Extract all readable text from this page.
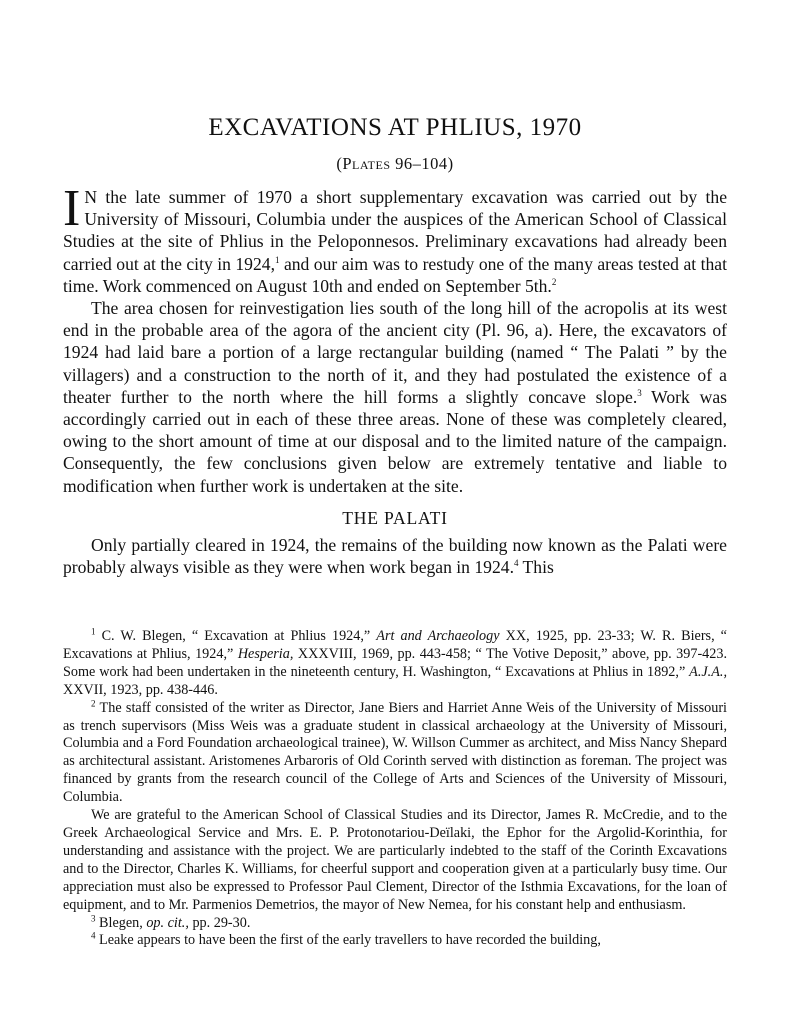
EXCAVATIONS AT PHLIUS, 1970
(Plates 96–104)

I N the late summer of 1970 a short supplementary excavation was carried out by the University of Missouri, Columbia under the auspices of the American School of Classical Studies at the site of Phlius in the Peloponnesos. Preliminary excavations had already been carried out at the city in 1924,$^1$ and our aim was to restudy one of the many areas tested at that time. Work commenced on August 10th and ended on September 5th.$^2$

The area chosen for reinvestigation lies south of the long hill of the acropolis at its west end in the probable area of the agora of the ancient city (Pl. 96, a). Here, the excavators of 1924 had laid bare a portion of a large rectangular building (named “ The Palati ” by the villagers) and a construction to the north of it, and they had postulated the existence of a theater further to the north where the hill forms a slightly concave slope.$^3$ Work was accordingly carried out in each of these three areas. None of these was completely cleared, owing to the short amount of time at our disposal and to the limited nature of the campaign. Consequently, the few conclusions given below are extremely tentative and liable to modification when further work is undertaken at the site.

THE PALATI

Only partially cleared in 1924, the remains of the building now known as the Palati were probably always visible as they were when work began in 1924.$^4$ This

$^1$ C. W. Blegen, “ Excavation at Phlius 1924,” Art and Archaeology XX, 1925, pp. 23-33; W. R. Biers, “ Excavations at Phlius, 1924,” Hesperia, XXXVIII, 1969, pp. 443-458; “ The Votive Deposit,” above, pp. 397-423. Some work had been undertaken in the nineteenth century, H. Washington, “ Excavations at Phlius in 1892,” A.J.A., XXVII, 1923, pp. 438-446.

$^2$ The staff consisted of the writer as Director, Jane Biers and Harriet Anne Weis of the University of Missouri as trench supervisors (Miss Weis was a graduate student in classical archaeology at the University of Missouri, Columbia and a Ford Foundation archaeological trainee), W. Willson Cummer as architect, and Miss Nancy Shepard as architectural assistant. Aristomenes Arbaroris of Old Corinth served with distinction as foreman. The project was financed by grants from the research council of the College of Arts and Sciences of the University of Missouri, Columbia.

We are grateful to the American School of Classical Studies and its Director, James R. McCredie, and to the Greek Archaeological Service and Mrs. E. P. Protonotariou-Deïlaki, the Ephor for the Argolid-Korinthia, for understanding and assistance with the project. We are particularly indebted to the staff of the Corinth Excavations and to the Director, Charles K. Williams, for cheerful support and cooperation given at a particularly busy time. Our appreciation must also be expressed to Professor Paul Clement, Director of the Isthmia Excavations, for the loan of equipment, and to Mr. Parmenios Demetrios, the mayor of New Nemea, for his constant help and enthusiasm.

$^3$ Blegen, op. cit., pp. 29-30.

$^4$ Leake appears to have been the first of the early travellers to have recorded the building,
